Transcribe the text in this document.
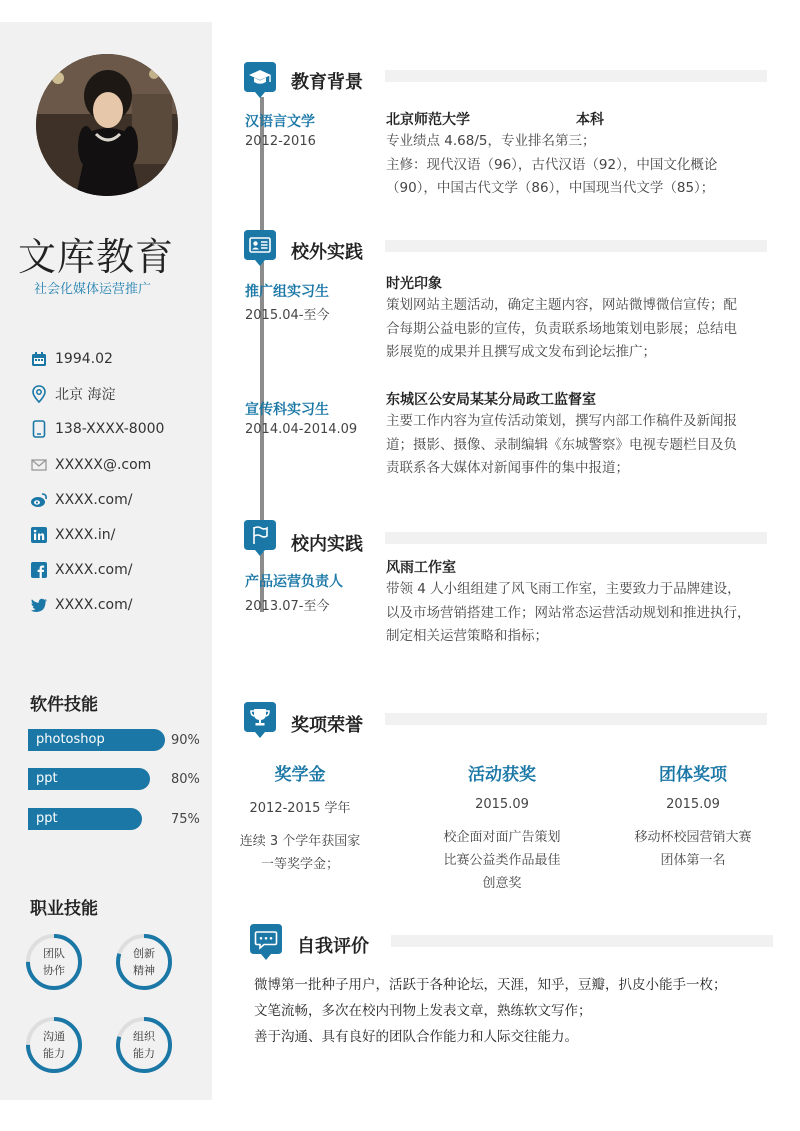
文库教育
社会化媒体运营推广
1994.02
北京 海淀
138-XXXX-8000
XXXXX@.com
XXXX.com/
XXXX.in/
XXXX.com/
XXXX.com/
软件技能
photoshop	90%
ppt	80%
ppt	75%
职业技能
团队
协作
创新
精神
沟通
能力
组织
能力
教育背景
汉语言文学
2012-2016
北京师范大学	本科
专业绩点 4.68/5，专业排名第三；
主修：现代汉语（96），古代汉语（92），中国文化概论
（90），中国古代文学（86），中国现当代文学（85）；
校外实践
推广组实习生
2015.04-至今
时光印象
策划网站主题活动，确定主题内容，网站微博微信宣传；配
合每期公益电影的宣传，负责联系场地策划电影展；总结电
影展览的成果并且撰写成文发布到论坛推广；
宣传科实习生
2014.04-2014.09
东城区公安局某某分局政工监督室
主要工作内容为宣传活动策划，撰写内部工作稿件及新闻报
道；摄影、摄像、录制编辑《东城警察》电视专题栏目及负
责联系各大媒体对新闻事件的集中报道；
校内实践
产品运营负责人
2013.07-至今
风雨工作室
带领 4 人小组组建了风飞雨工作室，主要致力于品牌建设，
以及市场营销搭建工作；网站常态运营活动规划和推进执行，
制定相关运营策略和指标；
奖项荣誉
奖学金
2012-2015 学年
连续 3 个学年获国家
一等奖学金；
活动获奖
2015.09
校企面对面广告策划
比赛公益类作品最佳
创意奖
团体奖项
2015.09
移动杯校园营销大赛
团体第一名
自我评价
微博第一批种子用户，活跃于各种论坛，天涯，知乎，豆瓣，扒皮小能手一枚；
文笔流畅，多次在校内刊物上发表文章，熟练软文写作；
善于沟通、具有良好的团队合作能力和人际交往能力。
